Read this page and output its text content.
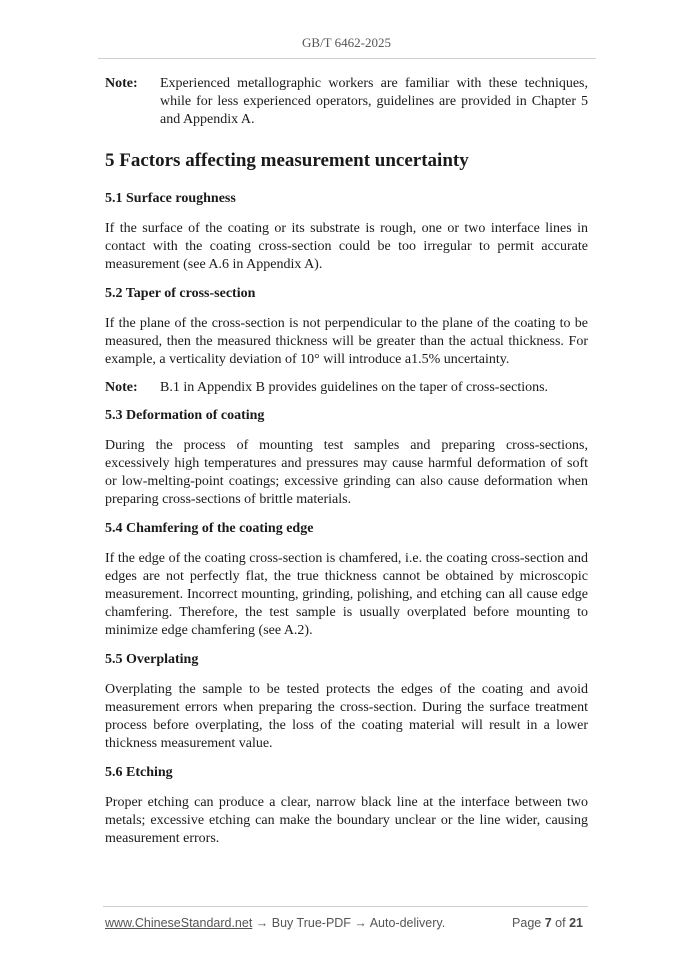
GB/T 6462-2025
Note:	Experienced metallographic workers are familiar with these techniques, while for less experienced operators, guidelines are provided in Chapter 5 and Appendix A.
5 Factors affecting measurement uncertainty
5.1 Surface roughness

If the surface of the coating or its substrate is rough, one or two interface lines in contact with the coating cross-section could be too irregular to permit accurate measurement (see A.6 in Appendix A).

5.2 Taper of cross-section

If the plane of the cross-section is not perpendicular to the plane of the coating to be measured, then the measured thickness will be greater than the actual thickness. For example, a verticality deviation of 10° will introduce a1.5% uncertainty.

Note:	B.1 in Appendix B provides guidelines on the taper of cross-sections.
5.3 Deformation of coating

During the process of mounting test samples and preparing cross-sections, excessively high temperatures and pressures may cause harmful deformation of soft or low-melting-point coatings; excessive grinding can also cause deformation when preparing cross-sections of brittle materials.

5.4 Chamfering of the coating edge

If the edge of the coating cross-section is chamfered, i.e. the coating cross-section and edges are not perfectly flat, the true thickness cannot be obtained by microscopic measurement. Incorrect mounting, grinding, polishing, and etching can all cause edge chamfering. Therefore, the test sample is usually overplated before mounting to minimize edge chamfering (see A.2).

5.5 Overplating

Overplating the sample to be tested protects the edges of the coating and avoid measurement errors when preparing the cross-section. During the surface treatment process before overplating, the loss of the coating material will result in a lower thickness measurement value.

5.6 Etching

Proper etching can produce a clear, narrow black line at the interface between two metals; excessive etching can make the boundary unclear or the line wider, causing measurement errors.

www.ChineseStandard.net → Buy True-PDF → Auto-delivery.	Page 7 of 21
